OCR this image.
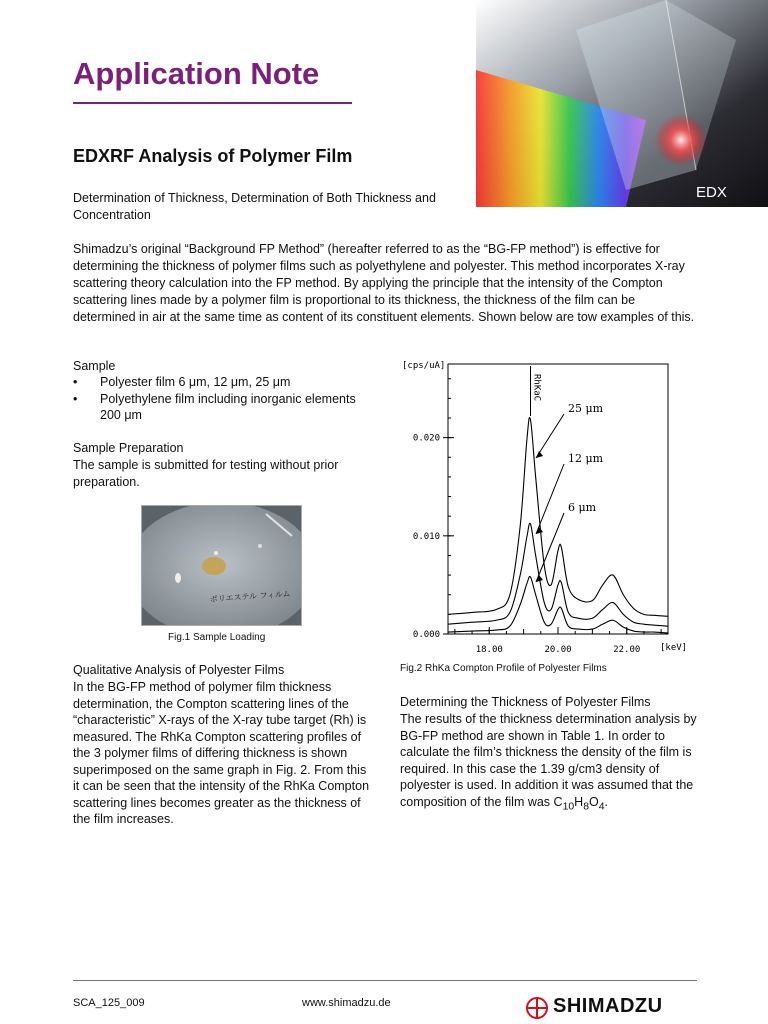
Application Note
EDXRF Analysis of Polymer Film
Determination of Thickness, Determination of Both Thickness and Concentration
EDX
Shimadzu’s original “Background FP Method” (hereafter referred to as the “BG-FP method”) is effective for determining the thickness of polymer films such as polyethylene and polyester. This method incorporates X-ray scattering theory calculation into the FP method. By applying the principle that the intensity of the Compton scattering lines made by a polymer film is proportional to its thickness, the thickness of the film can be determined in air at the same time as content of its constituent elements. Shown below are tow examples of this.
Sample
• Polyester film 6 μm, 12 μm, 25 μm
• Polyethylene film including inorganic elements 200 μm
Sample Preparation
The sample is submitted for testing without prior preparation.
ポリエステル フィルム
Fig.1 Sample Loading
Qualitative Analysis of Polyester Films
In the BG-FP method of polymer film thickness determination, the Compton scattering lines of the “characteristic” X-rays of the X-ray tube target (Rh) is measured. The RhKa Compton scattering profiles of the 3 polymer films of differing thickness is shown superimposed on the same graph in Fig. 2. From this it can be seen that the intensity of the RhKa Compton scattering lines becomes greater as the thickness of the film increases.
18.00	20.00	22.00
0.000
0.010
0.020
[cps/uA]
[keV]
RhKaC
25 μm
12 μm
6 μm
Fig.2 RhKa Compton Profile of Polyester Films
Determining the Thickness of Polyester Films
The results of the thickness determination analysis by BG-FP method are shown in Table 1. In order to calculate the film’s thickness the density of the film is required. In this case the 1.39 g/cm3 density of polyester is used. In addition it was assumed that the composition of the film was $C_{10}H_8O_4$.
SCA_125_009	www.shimadzu.de	SHIMADZU
